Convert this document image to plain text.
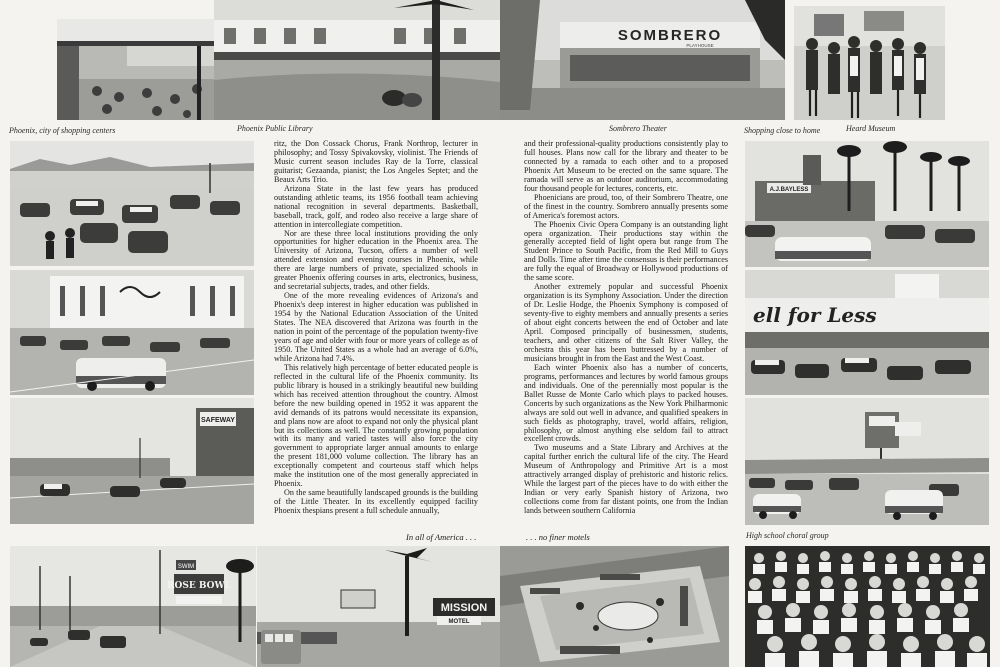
SOMBRERO
PLAYHOUSE
Phoenix, city of shopping centers	Phoenix Public Library	Sombrero Theater	Shopping close to home	Heard Museum
SAFEWAY

ritz, the Don Cossack Chorus, Frank Northrop, lecturer in philosophy; and Tossy Spivakovsky, violinist. The Friends of Music current season includes Ray de la Torre, classical guitarist; Gezaanda, pianist; the Los Angeles Septet; and the Beaux Arts Trio.

Arizona State in the last few years has produced outstanding athletic teams, its 1956 football team achieving national recognition in several departments. Basketball, baseball, track, golf, and rodeo also receive a large share of attention in intercollegiate competition.

Nor are these three local institutions providing the only opportunities for higher education in the Phoenix area. The University of Arizona, Tucson, offers a number of well attended extension and evening courses in Phoenix, while there are large numbers of private, specialized schools in greater Phoenix offering courses in arts, electronics, business, and secretarial subjects, trades, and other fields.

One of the more revealing evidences of Arizona's and Phoenix's deep interest in higher education was published in 1954 by the National Education Association of the United States. The NEA discovered that Arizona was fourth in the nation in point of the percentage of the population twenty-five years of age and older with four or more years of college as of 1950. The United States as a whole had an average of 6.0%, while Arizona had 7.4%.

This relatively high percentage of better educated people is reflected in the cultural life of the Phoenix community. Its public library is housed in a strikingly beautiful new building which has received attention throughout the country. Almost before the new building opened in 1952 it was apparent the avid demands of its patrons would necessitate its expansion, and plans now are afoot to expand not only the physical plant but its collections as well. The constantly growing population with its many and varied tastes will also force the city government to appropriate larger annual amounts to enlarge the present 181,000 volume collection. The library has an exceptionally competent and courteous staff which helps make the institution one of the most generally appreciated in Phoenix.

On the same beautifully landscaped grounds is the building of the Little Theater. In its excellently equipped facility Phoenix thespians present a full schedule annually,

and their professional-quality productions consistently play to full houses. Plans now call for the library and theater to be connected by a ramada to each other and to a proposed Phoenix Art Museum to be erected on the same square. The ramada will serve as an outdoor auditorium, accommodating four thousand people for lectures, concerts, etc.

Phoenicians are proud, too, of their Sombrero Theatre, one of the finest in the country. Sombrero annually presents some of America's foremost actors.

The Phoenix Civic Opera Company is an outstanding light opera organization. Their productions stay within the generally accepted field of light opera but range from The Student Prince to South Pacific, from the Red Mill to Guys and Dolls. Time after time the consensus is their performances are fully the equal of Broadway or Hollywood productions of the same score.

Another extremely popular and successful Phoenix organization is its Symphony Association. Under the direction of Dr. Leslie Hodge, the Phoenix Symphony is composed of seventy-five to eighty members and annually presents a series of about eight concerts between the end of October and late April. Composed principally of businessmen, students, teachers, and other citizens of the Salt River Valley, the orchestra this year has been buttressed by a number of musicians brought in from the East and the West Coast.

Each winter Phoenix also has a number of concerts, programs, performances and lectures by world famous groups and individuals. One of the perennially most popular is the Ballet Russe de Monte Carlo which plays to packed houses. Concerts by such organizations as the New York Philharmonic always are sold out well in advance, and qualified speakers in such fields as photography, travel, world affairs, religion, philosophy, or almost anything else seldom fail to attract excellent crowds.

Two museums and a State Library and Archives at the capital further enrich the cultural life of the city. The Heard Museum of Anthropology and Primitive Art is a most attractively arranged display of prehistoric and historic relics. While the largest part of the pieces have to do with either the Indian or very early Spanish history of Arizona, two collections come from far distant points, one from the Indian lands between southern California

In all of America . . .	. . . no finer motels
A.J.BAYLESS
ell for Less
High school choral group
SWIM
ROSE BOWL
MISSION
MOTEL
